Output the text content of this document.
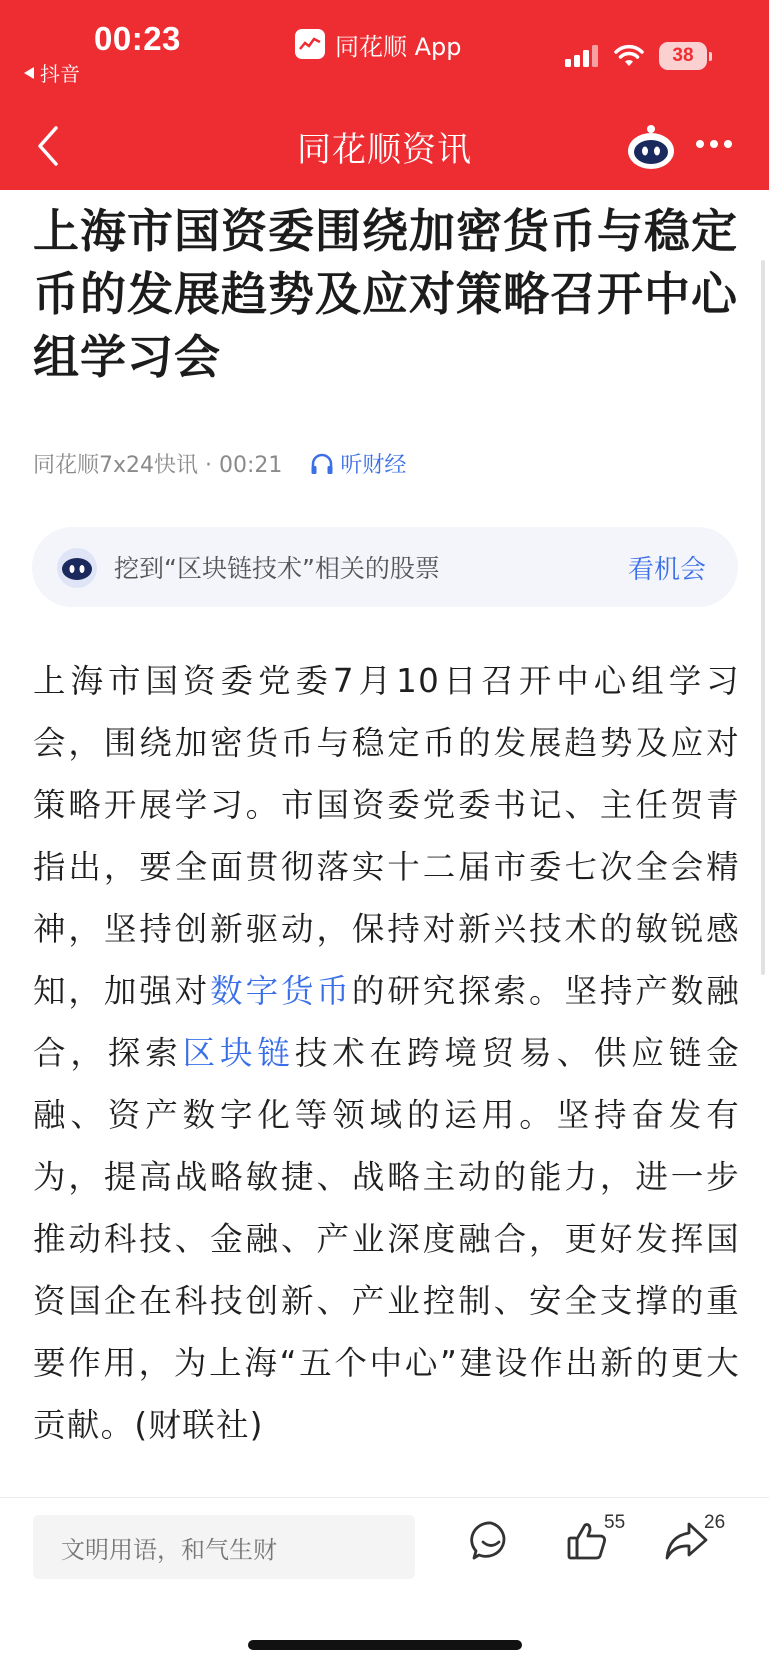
00:23
抖音
同花顺 App	38
同花顺资讯
上海市国资委围绕加密货币与稳定币的发展趋势及应对策略召开中心组学习会
同花顺7x24快讯 · 00:21	听财经
挖到“区块链技术”相关的股票	看机会
上海市国资委党委7月10日召开中心组学习会，围绕加密货币与稳定币的发展趋势及应对策略开展学习。市国资委党委书记、主任贺青指出，要全面贯彻落实十二届市委七次全会精神，坚持创新驱动，保持对新兴技术的敏锐感知，加强对数字货币的研究探索。坚持产数融合，探索区块链技术在跨境贸易、供应链金融、资产数字化等领域的运用。坚持奋发有为，提高战略敏捷、战略主动的能力，进一步推动科技、金融、产业深度融合，更好发挥国资国企在科技创新、产业控制、安全支撑的重要作用，为上海“五个中心”建设作出新的更大贡献。(财联社)
文明用语，和气生财
55	26
